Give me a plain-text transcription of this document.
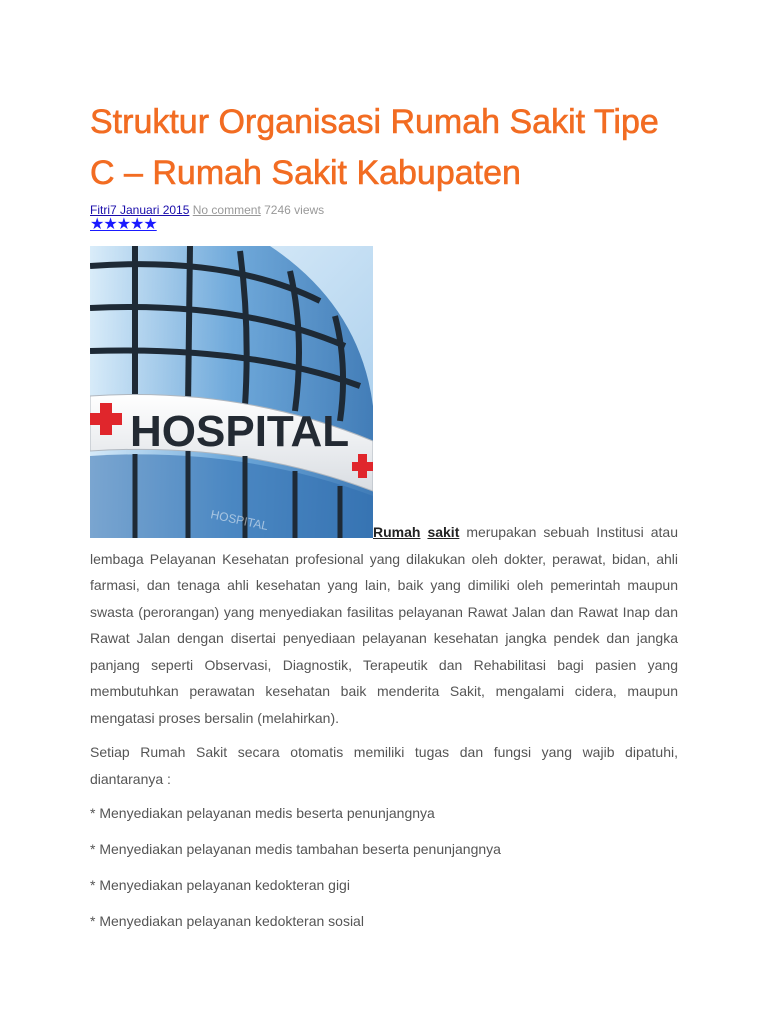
Struktur Organisasi Rumah Sakit Tipe C – Rumah Sakit Kabupaten
Fitri7 Januari 2015 No comment 7246 views
★★★★★
HOSPITAL
HOSPITAL	Rumah sakit merupakan sebuah Institusi atau lembaga Pelayanan Kesehatan profesional yang dilakukan oleh dokter, perawat, bidan, ahli farmasi, dan tenaga ahli kesehatan yang lain, baik yang dimiliki oleh pemerintah maupun swasta (perorangan) yang menyediakan fasilitas pelayanan Rawat Jalan dan Rawat Inap dan Rawat Jalan dengan disertai penyediaan pelayanan kesehatan jangka pendek dan jangka panjang seperti Observasi, Diagnostik, Terapeutik dan Rehabilitasi bagi pasien yang membutuhkan perawatan kesehatan baik menderita Sakit, mengalami cidera, maupun mengatasi proses bersalin (melahirkan).

Setiap Rumah Sakit secara otomatis memiliki tugas dan fungsi yang wajib dipatuhi, diantaranya :

* Menyediakan pelayanan medis beserta penunjangnya
* Menyediakan pelayanan medis tambahan beserta penunjangnya
* Menyediakan pelayanan kedokteran gigi
* Menyediakan pelayanan kedokteran sosial
